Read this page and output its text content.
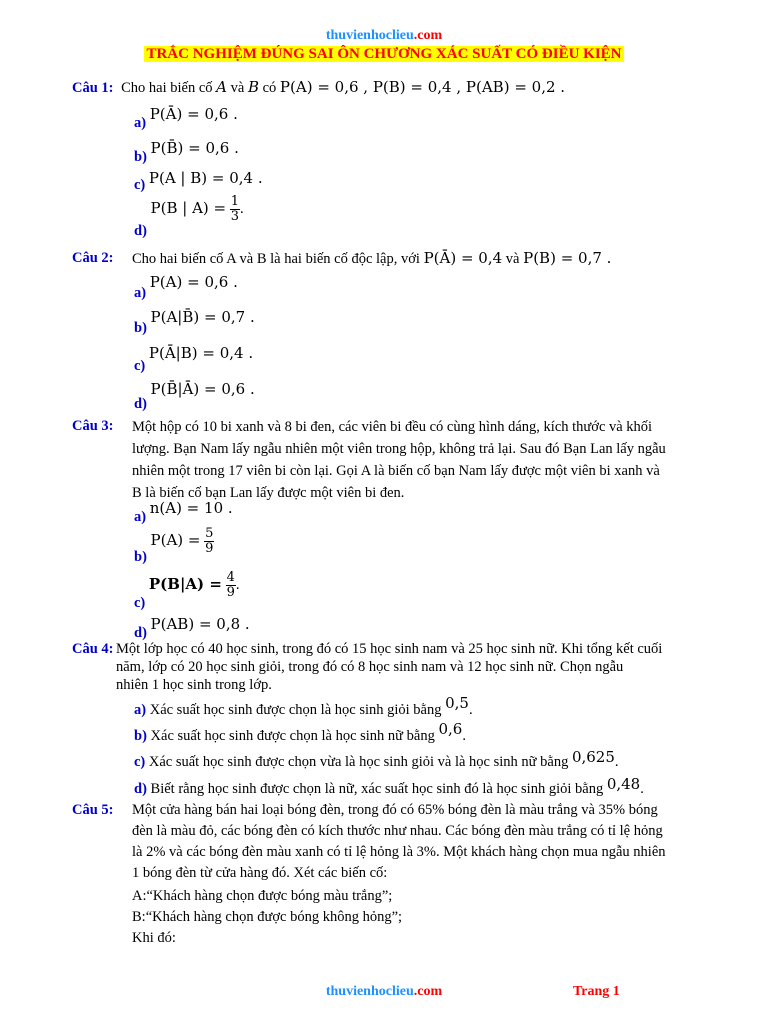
thuvienhoclieu.com
TRẮC NGHIỆM ĐÚNG SAI ÔN CHƯƠNG XÁC SUẤT CÓ ĐIỀU KIỆN
Câu 1: Cho hai biến cố A và B có P(A) = 0,6 , P(B) = 0,4 , P(AB) = 0,2 .
a) P(Ā) = 0,6 .
b) P(B̄) = 0,6 .
c) P(A | B) = 0,4 .
d) P(B | $A) = \frac{1}{3}$ .
Câu 2: Cho hai biến cố A và B là hai biến cố độc lập, với P(Ā) = 0,4 và P(B) = 0,7 .
a) P(A) = 0,6 .
b) P(A|B̄) = 0,7 .
c) P(Ā|B) = 0,4 .
d) P(B̄|Ā) = 0,6 .
Câu 3: Một hộp có 10 bi xanh và 8 bi đen, các viên bi đều có cùng hình dáng, kích thước và khối
lượng. Bạn Nam lấy ngẫu nhiên một viên trong hộp, không trả lại. Sau đó Bạn Lan lấy ngẫu
nhiên một trong 17 viên bi còn lại. Gọi A là biến cố bạn Nam lấy được một viên bi xanh và
B là biến cố bạn Lan lấy được một viên bi đen.
a) n(A) = 10 .
b) $P(A) = \frac{5}{9}$
c) $P(B|A) = \frac{4}{9}$ .
d) P(AB) = 0,8 .
Câu 4: Một lớp học có 40 học sinh, trong đó có 15 học sinh nam và 25 học sinh nữ. Khi tổng kết cuối
năm, lớp có 20 học sinh giỏi, trong đó có 8 học sinh nam và 12 học sinh nữ. Chọn ngẫu
nhiên 1 học sinh trong lớp.
a) Xác suất học sinh được chọn là học sinh giỏi bằng 0,5.
b) Xác suất học sinh được chọn là học sinh nữ bằng 0,6.
c) Xác suất học sinh được chọn vừa là học sinh giỏi và là học sinh nữ bằng 0,625.
d) Biết rằng học sinh được chọn là nữ, xác suất học sinh đó là học sinh giỏi bằng 0,48.
Câu 5: Một cửa hàng bán hai loại bóng đèn, trong đó có 65% bóng đèn là màu trắng và 35% bóng
đèn là màu đỏ, các bóng đèn có kích thước như nhau. Các bóng đèn màu trắng có tỉ lệ hỏng
là 2% và các bóng đèn màu xanh có tỉ lệ hỏng là 3%. Một khách hàng chọn mua ngẫu nhiên
1 bóng đèn từ cửa hàng đó. Xét các biến cố:
A:“Khách hàng chọn được bóng màu trắng”;
B:“Khách hàng chọn được bóng không hỏng”;
Khi đó:
thuvienhoclieu.com	Trang 1
